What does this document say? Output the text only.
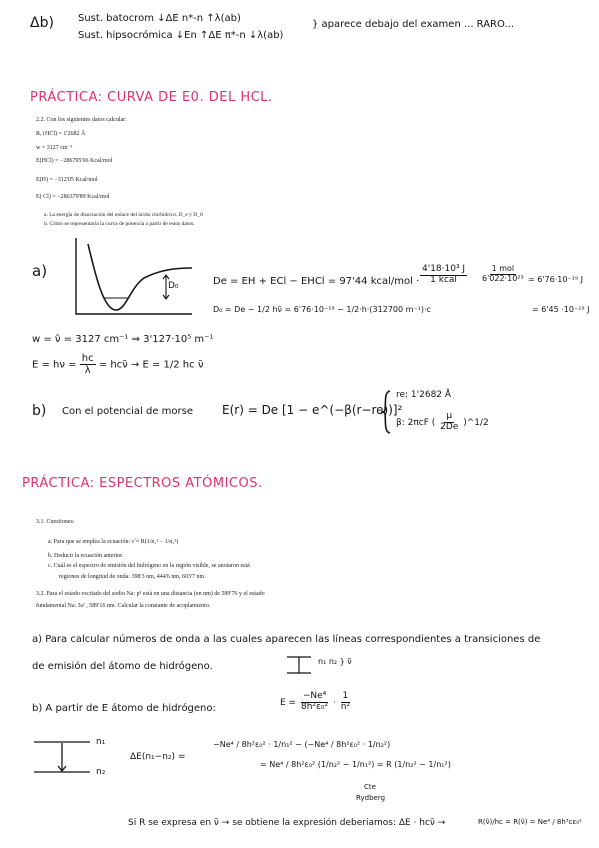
Δb) Sust. batocrom ↓ΔE n*-n ↑λ(ab)
Sust. hipsocrómica ↓En ↑ΔE π*-n ↓λ(ab)
} aparece debajo del examen ... RARO...
PRÁCTICA: CURVA DE E0. DEL HCL.
2.2. Con los siguientes datos calcular:
Rₑ (HCl) = 1'2682 Å
w = 3127 cm⁻¹
E(HCl) = −286795'66 Kcal/mol
E(H) = −312'05 Kcal/mol
E( Cl) = −286379'89 Kcal/mol
a. La energía de disociación del enlace del ácido clorhídrico. D_e y D_0
b. Cómo se representaría la curva de potencia a partir de estos datos.
a)
D₀	De = EH + ECl − EHCl = 97'44 kcal/mol · $\frac{\text{4'18·10³ J}}{\text{1 kcal}} \frac{\text{1 mol}}{\text{6'022·10²³}} = 6'76\cdot 10^{-19}$ J
D₀ = De − 1/2 hν̃ = 6'76·10⁻¹⁹ − 1/2·h·(312700 m⁻¹)·c	= 6'45 ·10⁻¹⁹ J
w = ν̃ = 3127 cm⁻¹ ⇒ 3'127·10⁵ m⁻¹
$E = h\nu = \frac{hc}{\lambda}$ = hcν̃ → E = 1/2 hc ν̃
b) Con el potencial de morse E(r) = De [1 − e^(−β(r−re))]²
re: 1'2682 Å
β: 2πcF ( $\frac{\mu}{2De}$ )^1/2
PRÁCTICA: ESPECTROS ATÓMICOS.
3.1. Cuestiones:
a. Para que se emplea la ecuación: ν̃ = R(1/n₁² − 1/n₂²)
b. Deducir la ecuación anterior.
c. Cuál es el espectro de emisión del hidrógeno en la región visible, se anotaron está
regiones de longitud de onda: 398'3 nm, 444'6 nm, 603'7 nm.
3.2. Para el estado excitado del sodio Na: p¹ está en una distancia (en nm) de 589'76 y el estado
fundamental Na: 3s² , 589'16 nm. Calcular la constante de acoplamiento.
a) Para calcular números de onda a las cuales aparecen las líneas correspondientes a transiciones de
de emisión del átomo de hidrógeno.	n₁ n₂ } ν̃
b) A partir de E átomo de hidrógeno:
$E = \frac{\text{−Ne⁴}}{\text{8h²ε₀²}} \cdot \frac{1}{\text{n²}}$
n₁
n₂
ΔE(n₁−n₂) =
−Ne⁴ / 8h²ε₀² · 1/n₁² − (−Ne⁴ / 8h²ε₀² · 1/n₂²)
= Ne⁴ / 8h²ε₀² (1/n₂² − 1/n₁²) = R (1/n₂² − 1/n₁²)
Cte
Rydberg
Si R se expresa en ν̃ → se obtiene la expresión deberiamos: ΔE · hcν̃ →	R(ν̃)/hc = R(ν̃) = Ne⁴ / 8h³cε₀²
